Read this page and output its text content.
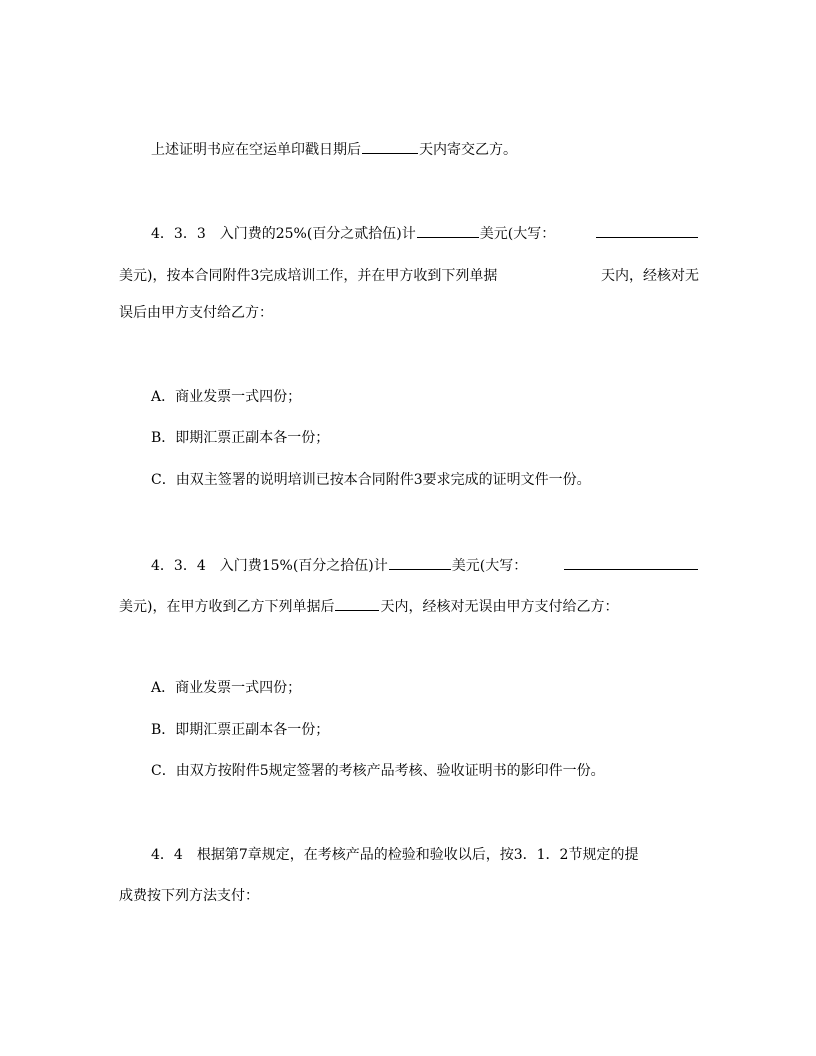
上述证明书应在空运单印戳日期后	天内寄交乙方。
4．3．3　入门费的25%(百分之贰拾伍)计	美元(大写：
美元)，按本合同附件3完成培训工作，并在甲方收到下列单据	天内，经核对无
误后由甲方支付给乙方：
A．商业发票一式四份；
B．即期汇票正副本各一份；
C．由双主签署的说明培训已按本合同附件3要求完成的证明文件一份。
4．3．4　入门费15%(百分之拾伍)计	美元(大写：
美元)，在甲方收到乙方下列单据后	天内，经核对无误由甲方支付给乙方：
A．商业发票一式四份；
B．即期汇票正副本各一份；
C．由双方按附件5规定签署的考核产品考核、验收证明书的影印件一份。
4．4　根据第7章规定，在考核产品的检验和验收以后，按3．1．2节规定的提
成费按下列方法支付：
